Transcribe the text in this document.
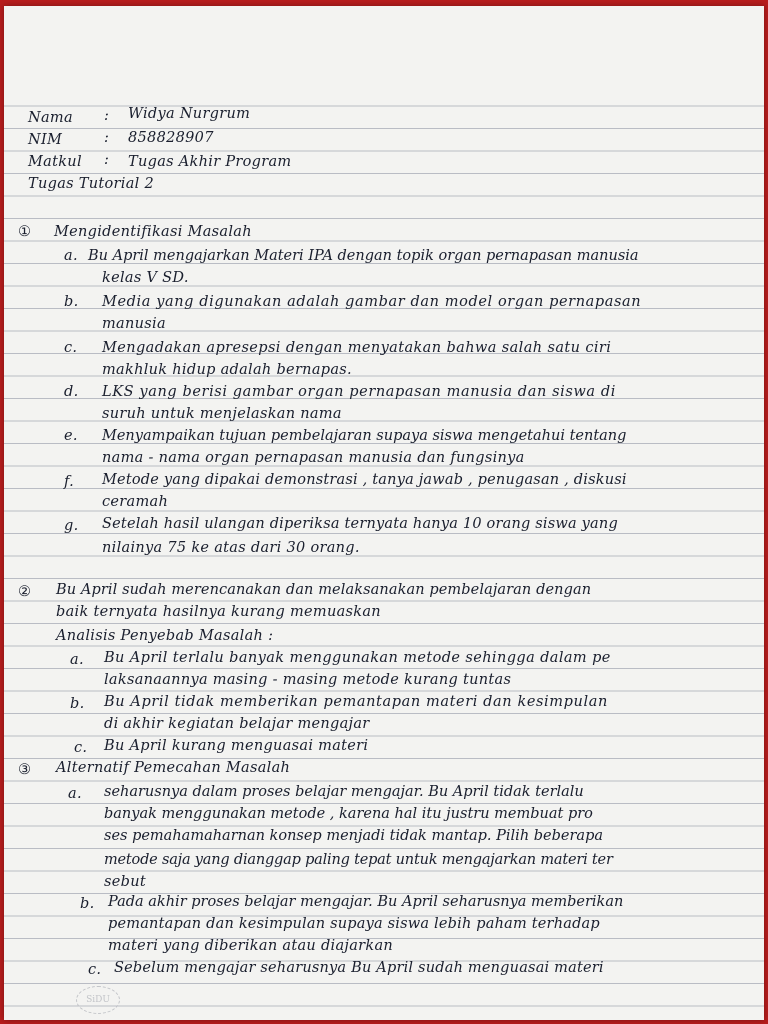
Nama : Widya Nurgrum
NIM	: 858828907
Matkul : Tugas Akhir Program
Tugas Tutorial 2
① Mengidentifikasi Masalah
a. Bu April mengajarkan Materi IPA dengan topik organ pernapasan manusia
kelas V SD.
b. Media yang digunakan adalah gambar dan model organ pernapasan
manusia
c. Mengadakan apresepsi dengan menyatakan bahwa salah satu ciri
makhluk hidup adalah bernapas.
d. LKS yang berisi gambar organ pernapasan manusia dan siswa di
suruh untuk menjelaskan nama
e. Menyampaikan tujuan pembelajaran supaya siswa mengetahui tentang
nama - nama organ pernapasan manusia dan fungsinya
f. Metode yang dipakai demonstrasi , tanya jawab , penugasan , diskusi
ceramah
g. Setelah hasil ulangan diperiksa ternyata hanya 10 orang siswa yang
nilainya 75 ke atas dari 30 orang.
② Bu April sudah merencanakan dan melaksanakan pembelajaran dengan
baik ternyata hasilnya kurang memuaskan
Analisis Penyebab Masalah :
a. Bu April terlalu banyak menggunakan metode sehingga dalam pe
laksanaannya masing - masing metode kurang tuntas
b. Bu April tidak memberikan pemantapan materi dan kesimpulan
di akhir kegiatan belajar mengajar
c. Bu April kurang menguasai materi
③ Alternatif Pemecahan Masalah
a. seharusnya dalam proses belajar mengajar. Bu April tidak terlalu
banyak menggunakan metode , karena hal itu justru membuat pro
ses pemahamaharnan konsep menjadi tidak mantap. Pilih beberapa
metode saja yang dianggap paling tepat untuk mengajarkan materi ter
sebut
b. Pada akhir proses belajar mengajar. Bu April seharusnya memberikan
pemantapan dan kesimpulan supaya siswa lebih paham terhadap
materi yang diberikan atau diajarkan
c. Sebelum mengajar seharusnya Bu April sudah menguasai materi
SiDU
